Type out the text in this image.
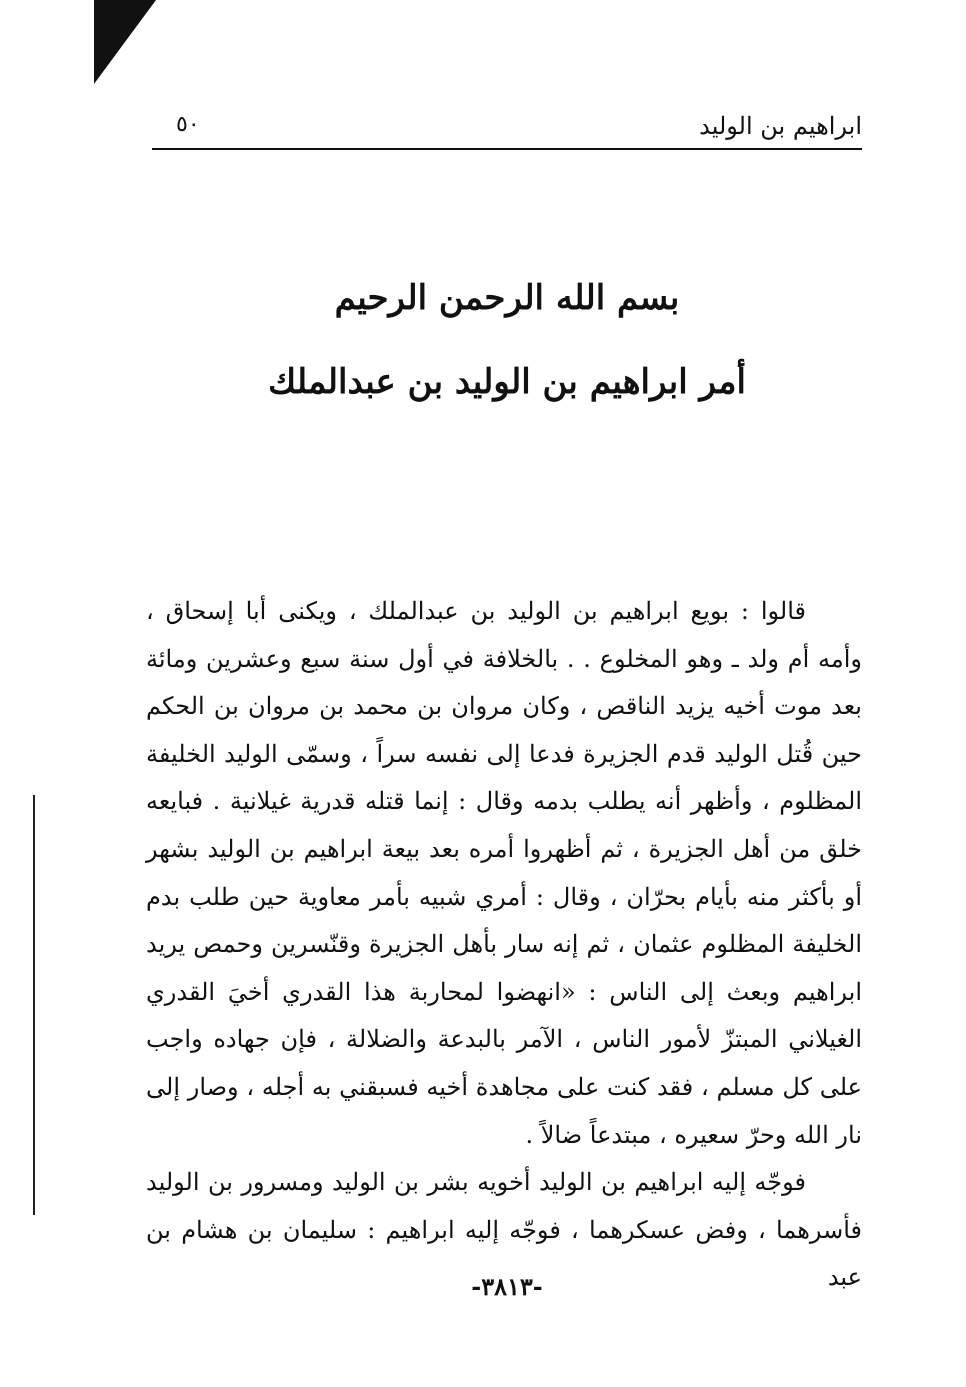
ابراهيم بن الوليد
٥٠
بسم الله الرحمن الرحيم
أمر ابراهيم بن الوليد بن عبدالملك

قالوا : بويع ابراهيم بن الوليد بن عبدالملك ، ويكنى أبا إسحاق ، وأمه أم ولد ـ وهو المخلوع . . بالخلافة في أول سنة سبع وعشرين ومائة بعد موت أخيه يزيد الناقص ، وكان مروان بن محمد بن مروان بن الحكم حين قُتل الوليد قدم الجزيرة فدعا إلى نفسه سراً ، وسمّى الوليد الخليفة المظلوم ، وأظهر أنه يطلب بدمه وقال : إنما قتله قدرية غيلانية . فبايعه خلق من أهل الجزيرة ، ثم أظهروا أمره بعد بيعة ابراهيم بن الوليد بشهر أو بأكثر منه بأيام بحرّان ، وقال : أمري شبيه بأمر معاوية حين طلب بدم الخليفة المظلوم عثمان ، ثم إنه سار بأهل الجزيرة وقنّسرين وحمص يريد ابراهيم وبعث إلى الناس : «انهضوا لمحاربة هذا القدري أخيَ القدري الغيلاني المبتزّ لأمور الناس ، الآمر بالبدعة والضلالة ، فإن جهاده واجب على كل مسلم ، فقد كنت على مجاهدة أخيه فسبقني به أجله ، وصار إلى نار الله وحرّ سعيره ، مبتدعاً ضالاً .

فوجّه إليه ابراهيم بن الوليد أخويه بشر بن الوليد ومسرور بن الوليد فأسرهما ، وفض عسكرهما ، فوجّه إليه ابراهيم : سليمان بن هشام بن عبد

-٣٨١٣-
